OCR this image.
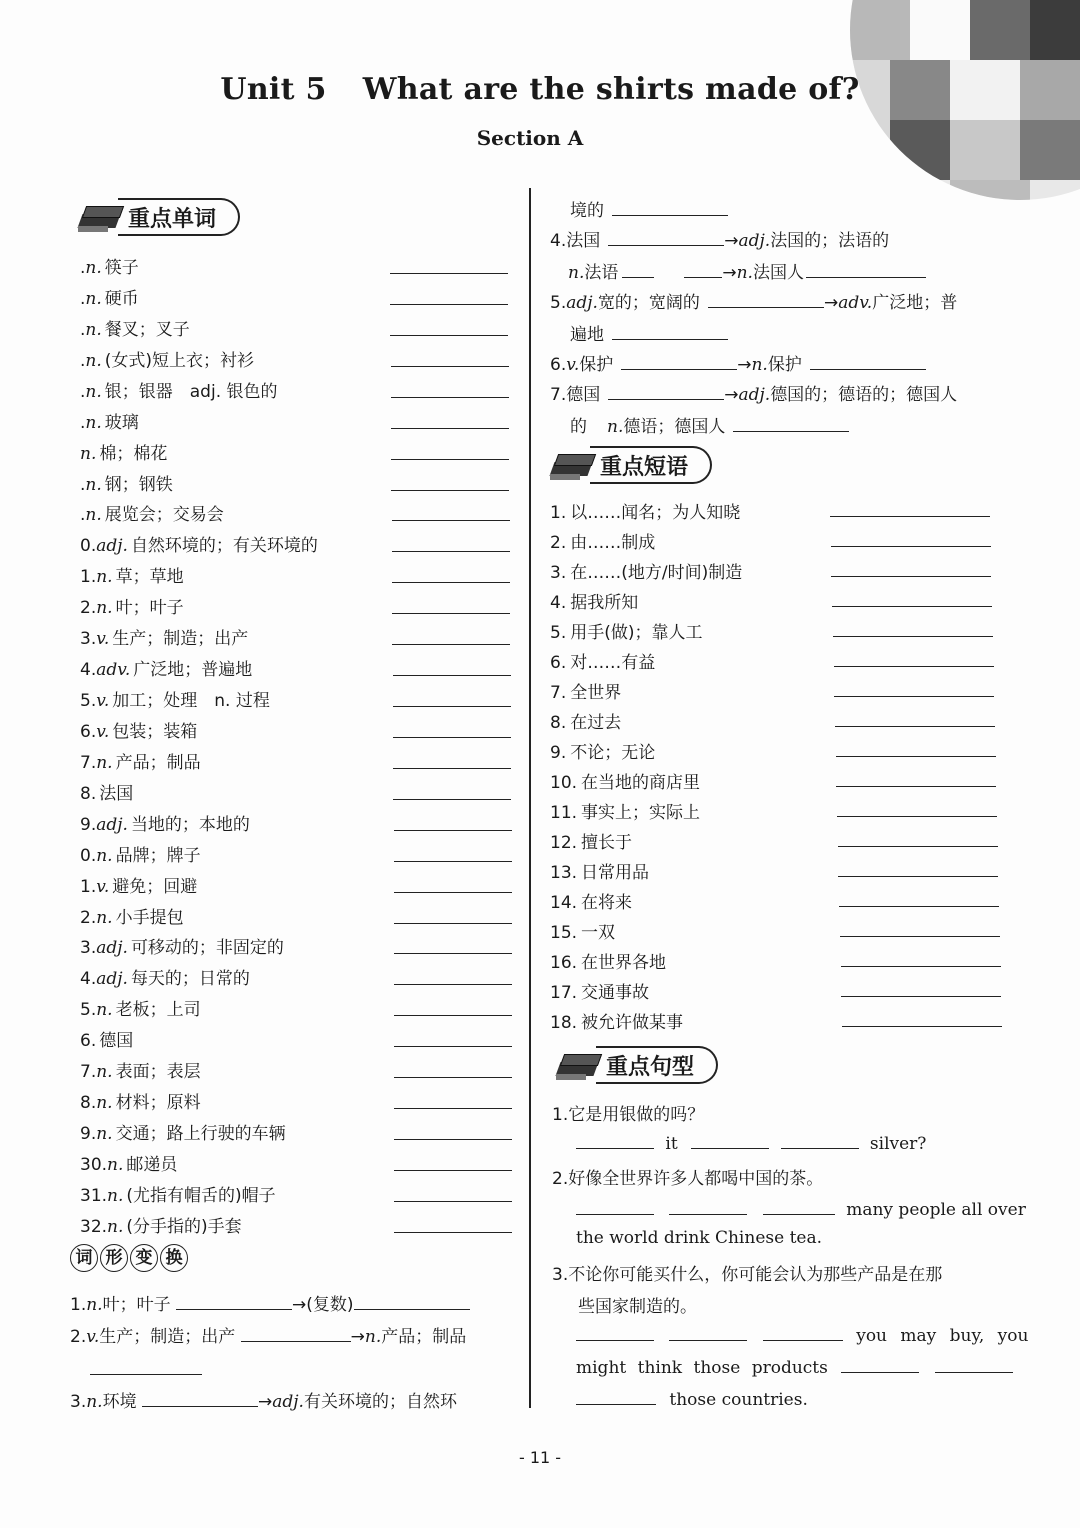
Unit 5 What are the shirts made of?
Section A
重点单词
.n. 筷子
.n. 硬币
.n. 餐叉；叉子
.n. (女式)短上衣；衬衫
.n. 银；银器　adj. 银色的
.n. 玻璃
n. 棉；棉花
.n. 钢；钢铁
.n. 展览会；交易会
0.adj. 自然环境的；有关环境的
1.n. 草；草地
2.n. 叶；叶子
3.v. 生产；制造；出产
4.adv. 广泛地；普遍地
5.v. 加工；处理　n. 过程
6.v. 包装；装箱
7.n. 产品；制品
8. 法国
9.adj. 当地的；本地的
0.n. 品牌；牌子
1.v. 避免；回避
2.n. 小手提包
3.adj. 可移动的；非固定的
4.adj. 每天的；日常的
5.n. 老板；上司
6. 德国
7.n. 表面；表层
8.n. 材料；原料
9.n. 交通；路上行驶的车辆
30.n. 邮递员
31.n. (尤指有帽舌的)帽子
32.n. (分手指的)手套
词 形 变 换
1.n.叶；叶子	→(复数)
2.v.生产；制造；出产	→n.产品；制品
3.n.环境	→adj.有关环境的；自然环
境的
4.法国	→adj.法国的；法语的
n.法语	→n.法国人
5.adj.宽的；宽阔的	→adv.广泛地；普
遍地
6.v.保护	→n.保护
7.德国	→adj.德国的；德语的；德国人
的 n.德语；德国人
重点短语
1. 以……闻名；为人知晓
2. 由……制成
3. 在……(地方/时间)制造
4. 据我所知
5. 用手(做)；靠人工
6. 对……有益
7. 全世界
8. 在过去
9. 不论；无论
10. 在当地的商店里
11. 事实上；实际上
12. 擅长于
13. 日常用品
14. 在将来
15. 一双
16. 在世界各地
17. 交通事故
18. 被允许做某事
重点句型
1.它是用银做的吗？
it	silver?
2.好像全世界许多人都喝中国的茶。
many people all over
the world drink Chinese tea.
3.不论你可能买什么，你可能会认为那些产品是在那
些国家制造的。
you may buy, you
might think those products
those countries.
- 11 -
